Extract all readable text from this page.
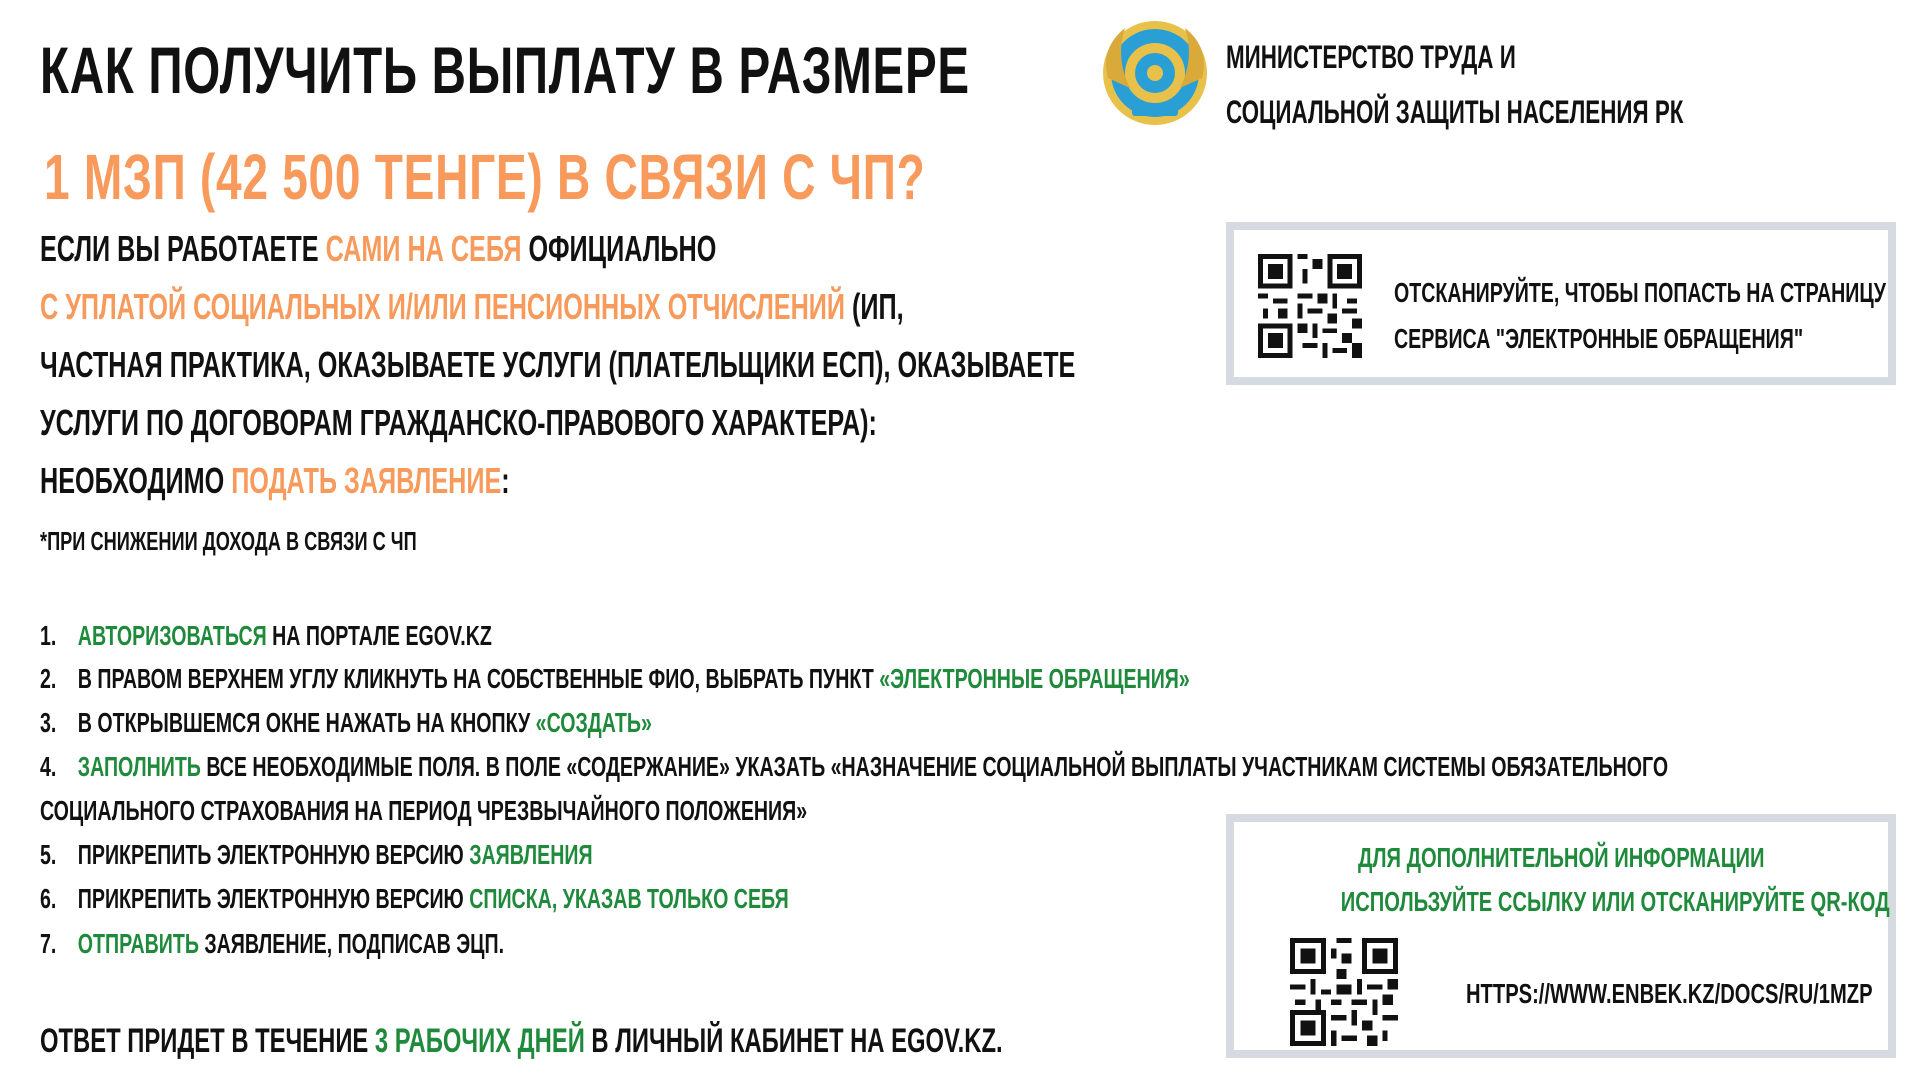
КАК ПОЛУЧИТЬ ВЫПЛАТУ В РАЗМЕРЕ
1 МЗП (42 500 ТЕНГЕ) В СВЯЗИ С ЧП?
МИНИСТЕРСТВО ТРУДА И
СОЦИАЛЬНОЙ ЗАЩИТЫ НАСЕЛЕНИЯ РК
ЕСЛИ ВЫ РАБОТАЕТЕ САМИ НА СЕБЯ ОФИЦИАЛЬНО
С УПЛАТОЙ СОЦИАЛЬНЫХ И/ИЛИ ПЕНСИОННЫХ ОТЧИСЛЕНИЙ (ИП,
ЧАСТНАЯ ПРАКТИКА, ОКАЗЫВАЕТЕ УСЛУГИ (ПЛАТЕЛЬЩИКИ ЕСП), ОКАЗЫВАЕТЕ
УСЛУГИ ПО ДОГОВОРАМ ГРАЖДАНСКО-ПРАВОВОГО ХАРАКТЕРА):
НЕОБХОДИМО ПОДАТЬ ЗАЯВЛЕНИЕ:
*ПРИ СНИЖЕНИИ ДОХОДА В СВЯЗИ С ЧП
1. АВТОРИЗОВАТЬСЯ НА ПОРТАЛЕ EGOV.KZ
2. В ПРАВОМ ВЕРХНЕМ УГЛУ КЛИКНУТЬ НА СОБСТВЕННЫЕ ФИО, ВЫБРАТЬ ПУНКТ «ЭЛЕКТРОННЫЕ ОБРАЩЕНИЯ»
3. В ОТКРЫВШЕМСЯ ОКНЕ НАЖАТЬ НА КНОПКУ «СОЗДАТЬ»
4. ЗАПОЛНИТЬ ВСЕ НЕОБХОДИМЫЕ ПОЛЯ. В ПОЛЕ «СОДЕРЖАНИЕ» УКАЗАТЬ «НАЗНАЧЕНИЕ СОЦИАЛЬНОЙ ВЫПЛАТЫ УЧАСТНИКАМ СИСТЕМЫ ОБЯЗАТЕЛЬНОГО
СОЦИАЛЬНОГО СТРАХОВАНИЯ НА ПЕРИОД ЧРЕЗВЫЧАЙНОГО ПОЛОЖЕНИЯ»
5. ПРИКРЕПИТЬ ЭЛЕКТРОННУЮ ВЕРСИЮ ЗАЯВЛЕНИЯ
6. ПРИКРЕПИТЬ ЭЛЕКТРОННУЮ ВЕРСИЮ СПИСКА, УКАЗАВ ТОЛЬКО СЕБЯ
7. ОТПРАВИТЬ ЗАЯВЛЕНИЕ, ПОДПИСАВ ЭЦП.
ОТВЕТ ПРИДЕТ В ТЕЧЕНИЕ 3 РАБОЧИХ ДНЕЙ В ЛИЧНЫЙ КАБИНЕТ НА EGOV.KZ.
ОТСКАНИРУЙТЕ, ЧТОБЫ ПОПАСТЬ НА СТРАНИЦУ
СЕРВИСА "ЭЛЕКТРОННЫЕ ОБРАЩЕНИЯ"
ДЛЯ ДОПОЛНИТЕЛЬНОЙ ИНФОРМАЦИИ
ИСПОЛЬЗУЙТЕ ССЫЛКУ ИЛИ ОТСКАНИРУЙТЕ QR-КОД
HTTPS://WWW.ENBEK.KZ/DOCS/RU/1MZP
